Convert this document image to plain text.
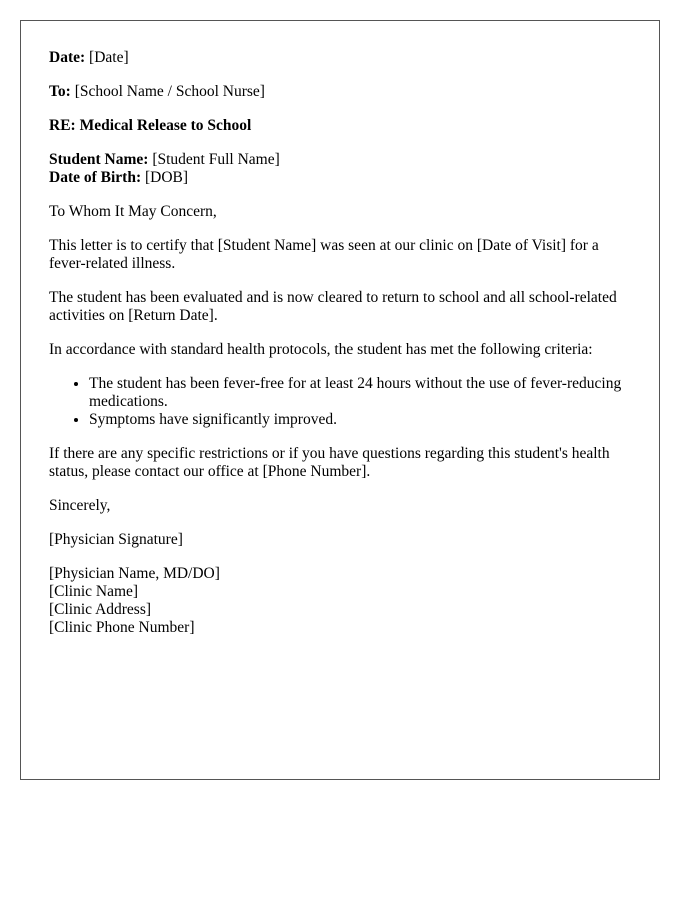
Date: [Date]

To: [School Name / School Nurse]

RE: Medical Release to School

Student Name: [Student Full Name]
Date of Birth: [DOB]

To Whom It May Concern,

This letter is to certify that [Student Name] was seen at our clinic on [Date of Visit] for a fever-related illness.

The student has been evaluated and is now cleared to return to school and all school-related activities on [Return Date].

In accordance with standard health protocols, the student has met the following criteria:

• The student has been fever-free for at least 24 hours without the use of fever-reducing medications.
• Symptoms have significantly improved.

If there are any specific restrictions or if you have questions regarding this student's health status, please contact our office at [Phone Number].

Sincerely,

[Physician Signature]

[Physician Name, MD/DO]
[Clinic Name]
[Clinic Address]
[Clinic Phone Number]
